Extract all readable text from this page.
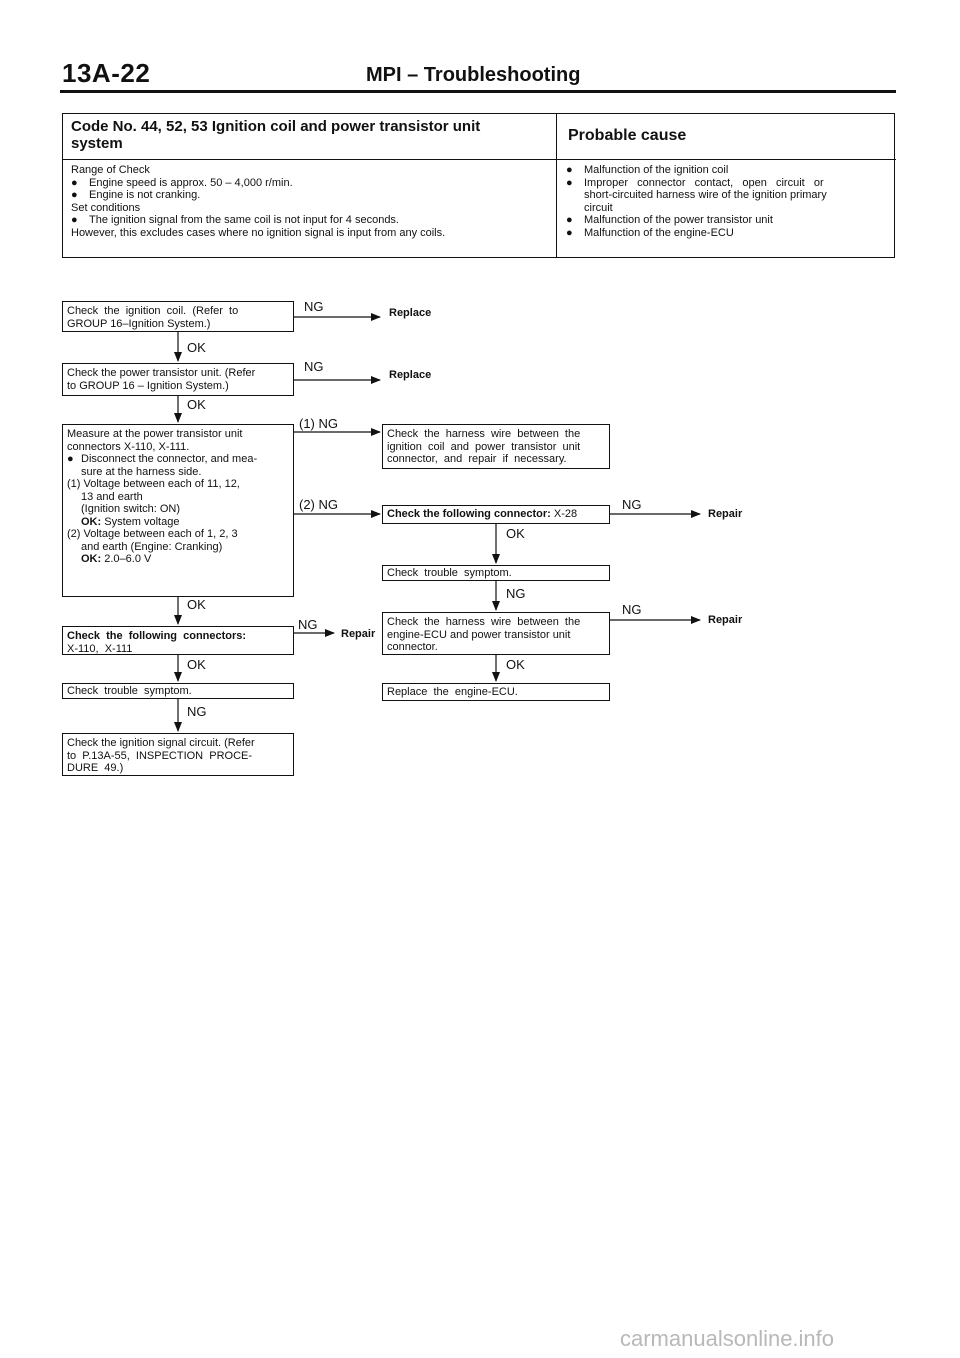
13A-22	MPI – Troubleshooting
Code No. 44, 52, 53 Ignition coil and power transistor unit
system	Probable cause
Range of Check
● Engine speed is approx. 50 – 4,000 r/min.
● Engine is not cranking.
Set conditions
● The ignition signal from the same coil is not input for 4 seconds.
However, this excludes cases where no ignition signal is input from any coils.
●	Malfunction of the ignition coil
●	Improper   connector   contact,   open   circuit   or
short-circuited harness wire of the ignition primary
circuit
●	Malfunction of the power transistor unit
●	Malfunction of the engine-ECU
Check  the  ignition  coil.  (Refer  to
GROUP 16–Ignition System.)
Check the power transistor unit. (Refer
to GROUP 16 – Ignition System.)
Measure at the power transistor unit
connectors X-110, X-111.
● Disconnect the connector, and mea-
sure at the harness side.
(1) Voltage between each of 11, 12,
13 and earth
(Ignition switch: ON)
OK: System voltage
(2) Voltage between each of 1, 2, 3
and earth (Engine: Cranking)
OK: 2.0–6.0 V
Check  the  following  connectors:
X-110,  X-111
Check  trouble  symptom.
Check the ignition signal circuit. (Refer
to  P.13A-55,  INSPECTION  PROCE-
DURE  49.)
Check  the  harness  wire  between  the
ignition  coil  and  power  transistor  unit
connector,  and  repair  if  necessary.
Check the following connector: X-28
Check  trouble  symptom.
Check  the  harness  wire  between  the
engine-ECU and power transistor unit
connector.
Replace  the  engine-ECU.
NG	Replace
OK
NG
Replace
OK
(1) NG
(2) NG
OK
NG
Repair
OK
NG
NG
Repair
OK
NG
Repair
OK
NG
carmanualsonline.info
